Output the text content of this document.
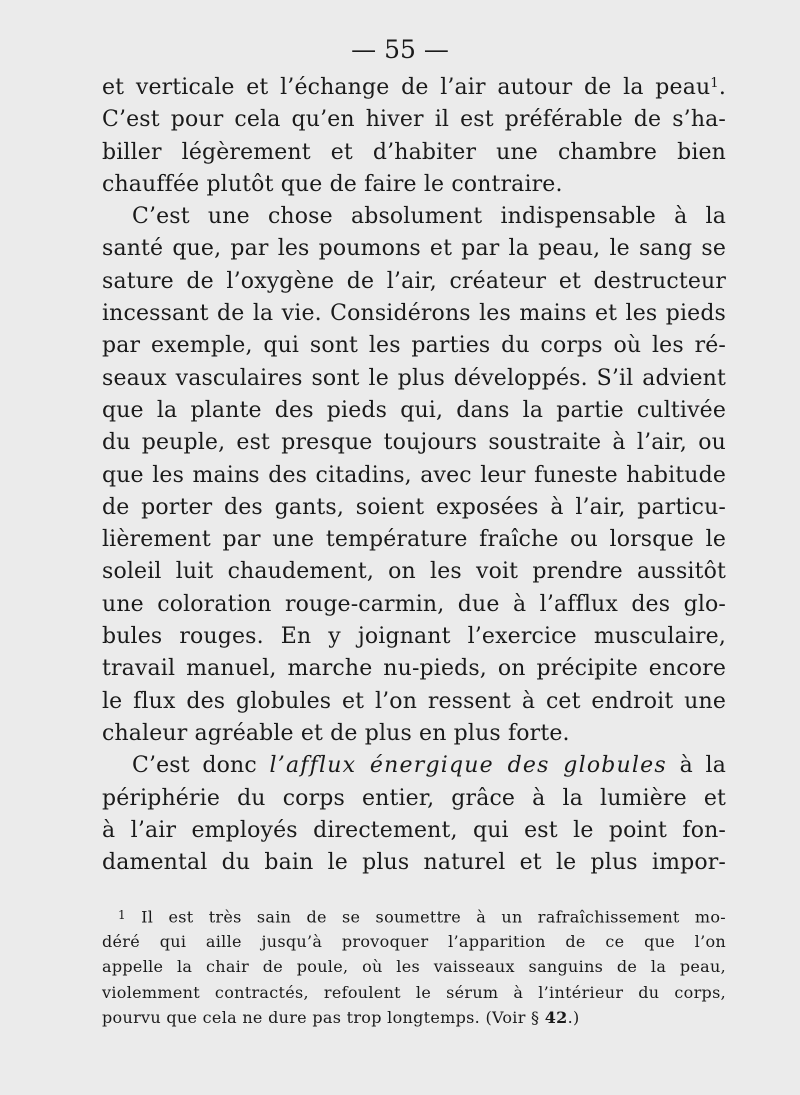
— 55 —
et verticale et l’échange de l’air autour de la peau$^1$.
C’est pour cela qu’en hiver il est préférable de s’ha-
biller légèrement et d’habiter une chambre bien
chauffée plutôt que de faire le contraire.
C’est une chose absolument indispensable à la
santé que, par les poumons et par la peau, le sang se
sature de l’oxygène de l’air, créateur et destructeur
incessant de la vie. Considérons les mains et les pieds
par exemple, qui sont les parties du corps où les ré-
seaux vasculaires sont le plus développés. S’il advient
que la plante des pieds qui, dans la partie cultivée
du peuple, est presque toujours soustraite à l’air, ou
que les mains des citadins, avec leur funeste habitude
de porter des gants, soient exposées à l’air, particu-
lièrement par une température fraîche ou lorsque le
soleil luit chaudement, on les voit prendre aussitôt
une coloration rouge-carmin, due à l’afflux des glo-
bules rouges. En y joignant l’exercice musculaire,
travail manuel, marche nu-pieds, on précipite encore
le flux des globules et l’on ressent à cet endroit une
chaleur agréable et de plus en plus forte.
C’est donc l’afflux énergique des globules à la
périphérie du corps entier, grâce à la lumière et
à l’air employés directement, qui est le point fon-
damental du bain le plus naturel et le plus impor-
$^1$ Il est très sain de se soumettre à un rafraîchissement mo-
déré qui aille jusqu’à provoquer l’apparition de ce que l’on
appelle la chair de poule, où les vaisseaux sanguins de la peau,
violemment contractés, refoulent le sérum à l’intérieur du corps,
pourvu que cela ne dure pas trop longtemps. (Voir § 42.)
